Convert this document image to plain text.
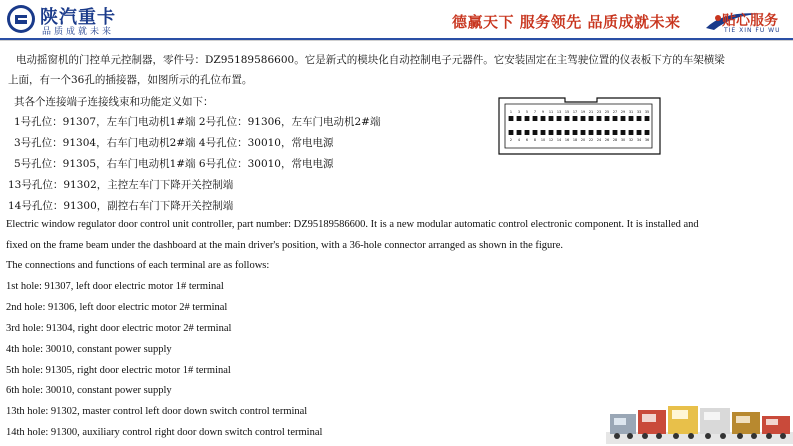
陕汽重卡
品质成就未来
德赢天下 服务领先 品质成就未来	贴心服务
TIE XIN FU WU
电动摇窗机的门控单元控制器，零件号：DZ95189586600。它是新式的模块化自动控制电子元器件。它安装固定在主驾驶位置的仪表板下方的车架横梁
上面，有一个36孔的插接器，如图所示的孔位布置。
其各个连接端子连接线束和功能定义如下：
1号孔位：91307，左车门电动机1#端 2号孔位：91306，左车门电动机2#端
3号孔位：91304，右车门电动机2#端 4号孔位：30010，常电电源
5号孔位：91305，右车门电动机1#端 6号孔位：30010，常电电源
13号孔位：91302，主控左车门下降开关控制端
14号孔位：91300，副控右车门下降开关控制端
1 3 5 7 9 11 13 15 17 19 21 23 25 27 29 31 33 35
2 4 6 8 10 12 14 16 18 20 22 24 26 28 30 32 34 36
Electric window regulator door control unit controller, part number: DZ95189586600. It is a new modular automatic control electronic component. It is installed and
fixed on the frame beam under the dashboard at the main driver's position, with a 36-hole connector arranged as shown in the figure.
The connections and functions of each terminal are as follows:
1st hole: 91307, left door electric motor 1# terminal
2nd hole: 91306, left door electric motor 2# terminal
3rd hole: 91304, right door electric motor 2# terminal
4th hole: 30010, constant power supply
5th hole: 91305, right door electric motor 1# terminal
6th hole: 30010, constant power supply
13th hole: 91302, master control left door down switch control terminal
14th hole: 91300, auxiliary control right door down switch control terminal
